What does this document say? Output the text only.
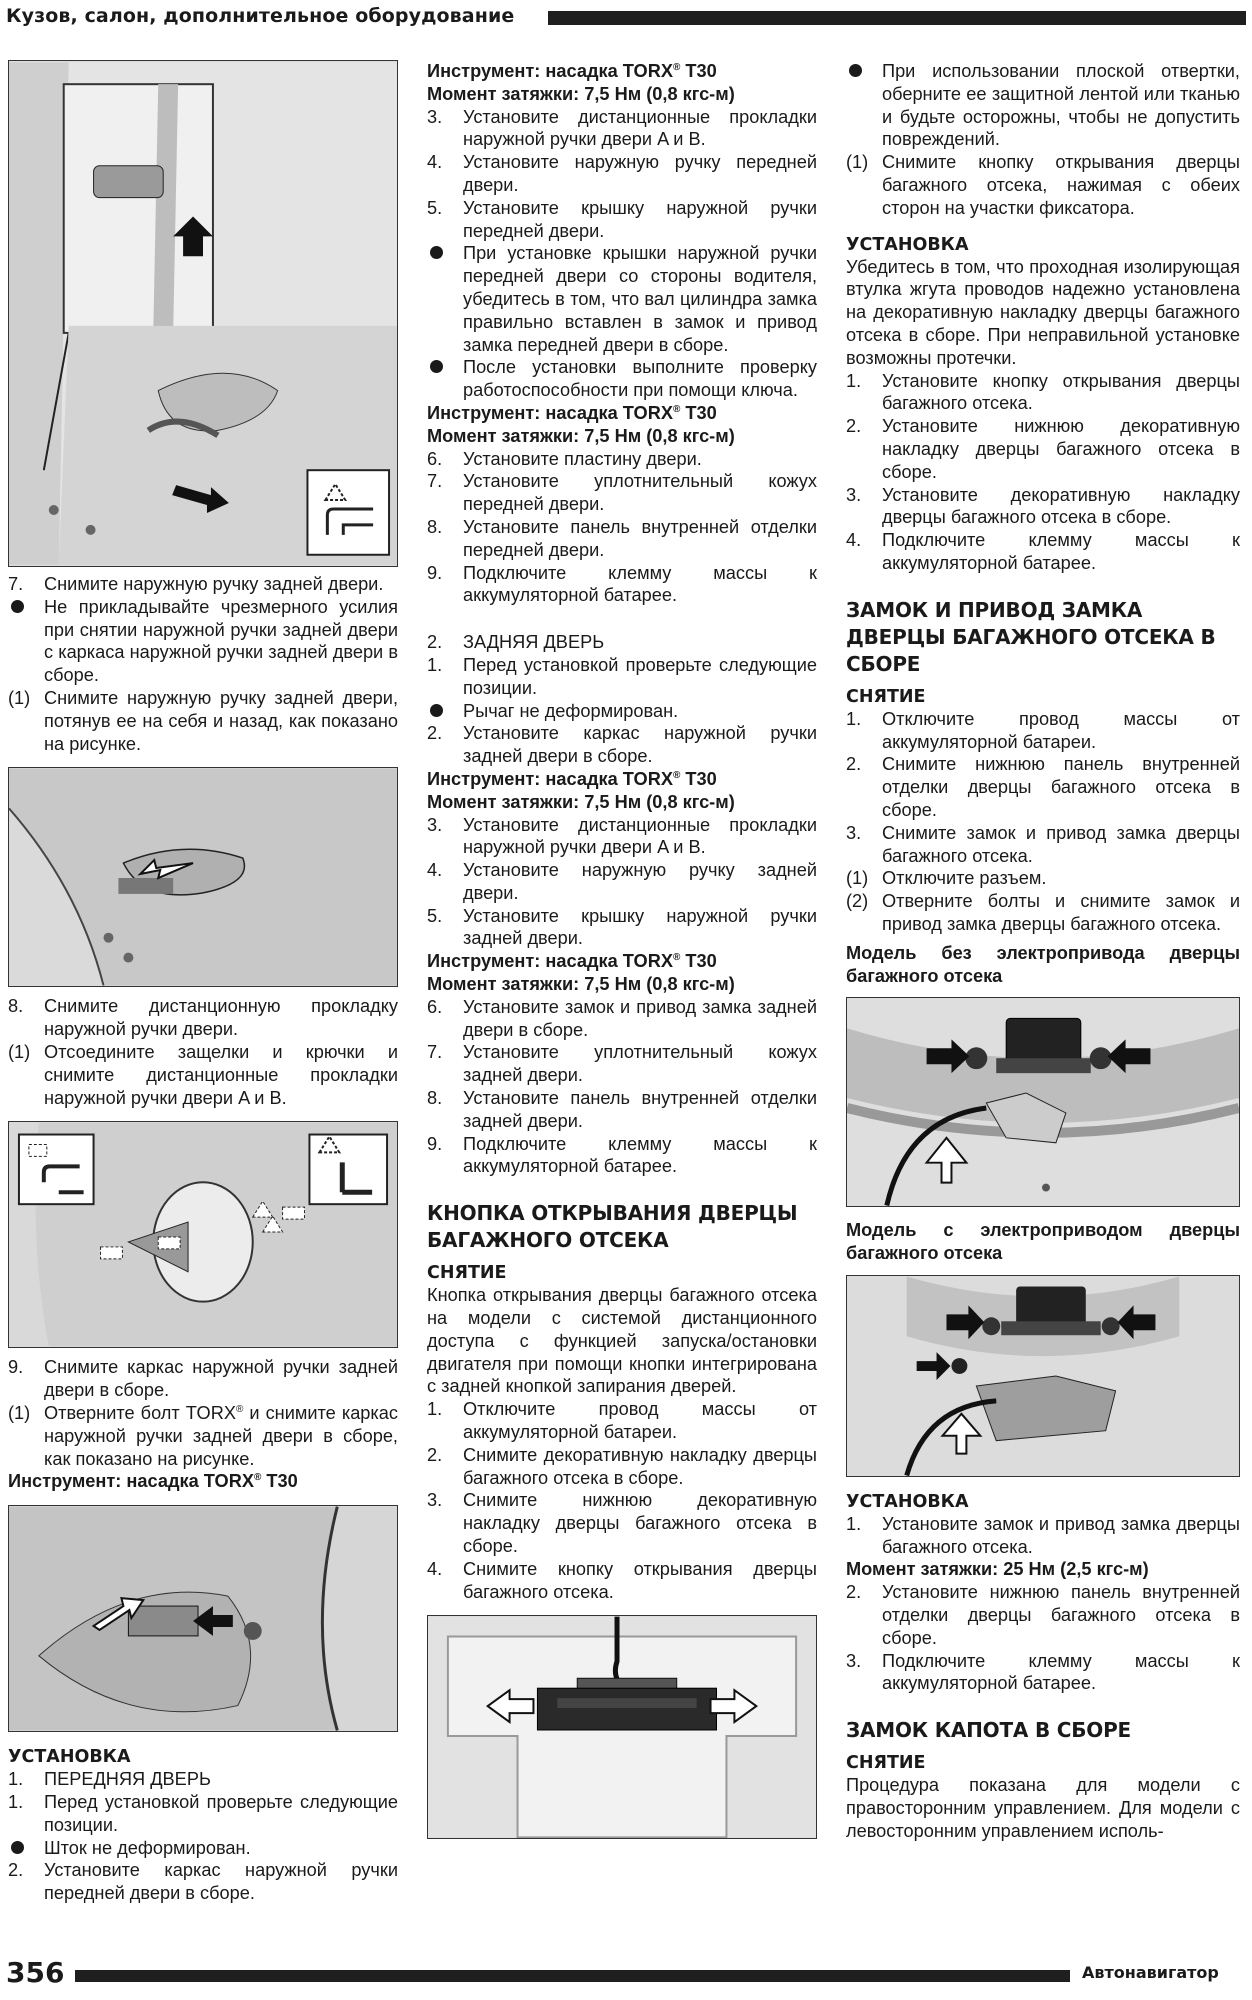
Кузов, салон, дополнительное оборудование
7.	Снимите наружную ручку задней двери.
Не прикладывайте чрезмерного усилия при снятии наружной ручки задней двери с каркаса наружной ручки задней двери в сборе.
(1) Снимите наружную ручку задней двери, потянув ее на себя и назад, как показано на рисунке.
8.	Снимите дистанционную прокладку наружной ручки двери.
(1) Отсоедините защелки и крючки и снимите дистанционные прокладки наружной ручки двери A и B.
9.	Снимите каркас наружной ручки задней двери в сборе.
(1) Отверните болт TORX® и снимите каркас наружной ручки задней двери в сборе, как показано на рисунке.
Инструмент: насадка TORX® T30
УСТАНОВКА
1.	ПЕРЕДНЯЯ ДВЕРЬ
1.	Перед установкой проверьте следующие позиции.
Шток не деформирован.
2.	Установите каркас наружной ручки передней двери в сборе.
Инструмент: насадка TORX® T30
Момент затяжки: 7,5 Нм (0,8 кгс-м)
3.	Установите дистанционные прокладки наружной ручки двери A и B.
4.	Установите наружную ручку передней двери.
5.	Установите крышку наружной ручки передней двери.
При установке крышки наружной ручки передней двери со стороны водителя, убедитесь в том, что вал цилиндра замка правильно вставлен в замок и привод замка передней двери в сборе.
После установки выполните проверку работоспособности при помощи ключа.
Инструмент: насадка TORX® T30
Момент затяжки: 7,5 Нм (0,8 кгс-м)
6.	Установите пластину двери.
7.	Установите уплотнительный кожух передней двери.
8.	Установите панель внутренней отделки передней двери.
9.	Подключите клемму массы к аккумуляторной батарее.
2.	ЗАДНЯЯ ДВЕРЬ
1.	Перед установкой проверьте следующие позиции.
Рычаг не деформирован.
2.	Установите каркас наружной ручки задней двери в сборе.
Инструмент: насадка TORX® T30
Момент затяжки: 7,5 Нм (0,8 кгс-м)
3.	Установите дистанционные прокладки наружной ручки двери A и B.
4.	Установите наружную ручку задней двери.
5.	Установите крышку наружной ручки задней двери.
Инструмент: насадка TORX® T30
Момент затяжки: 7,5 Нм (0,8 кгс-м)
6.	Установите замок и привод замка задней двери в сборе.
7.	Установите уплотнительный кожух задней двери.
8.	Установите панель внутренней отделки задней двери.
9.	Подключите клемму массы к аккумуляторной батарее.
КНОПКА ОТКРЫВАНИЯ ДВЕРЦЫ БАГАЖНОГО ОТСЕКА
СНЯТИЕ
Кнопка открывания дверцы багажного отсека на модели с системой дистанционного доступа с функцией запуска/остановки двигателя при помощи кнопки интегрирована с задней кнопкой запирания дверей.
1.	Отключите провод массы от аккумуляторной батареи.
2.	Снимите декоративную накладку дверцы багажного отсека в сборе.
3.	Снимите нижнюю декоративную накладку дверцы багажного отсека в сборе.
4.	Снимите кнопку открывания дверцы багажного отсека.
При использовании плоской отвертки, оберните ее защитной лентой или тканью и будьте осторожны, чтобы не допустить повреждений.
(1) Снимите кнопку открывания дверцы багажного отсека, нажимая с обеих сторон на участки фиксатора.
УСТАНОВКА
Убедитесь в том, что проходная изолирующая втулка жгута проводов надежно установлена на декоративную накладку дверцы багажного отсека в сборе. При неправильной установке возможны протечки.
1.	Установите кнопку открывания дверцы багажного отсека.
2.	Установите нижнюю декоративную накладку дверцы багажного отсека в сборе.
3.	Установите декоративную накладку дверцы багажного отсека в сборе.
4.	Подключите клемму массы к аккумуляторной батарее.
ЗАМОК И ПРИВОД ЗАМКА ДВЕРЦЫ БАГАЖНОГО ОТСЕКА В СБОРЕ
СНЯТИЕ
1.	Отключите провод массы от аккумуляторной батареи.
2.	Снимите нижнюю панель внутренней отделки дверцы багажного отсека в сборе.
3.	Снимите замок и привод замка дверцы багажного отсека.
(1) Отключите разъем.
(2) Отверните болты и снимите замок и привод замка дверцы багажного отсека.
Модель без электропривода дверцы багажного отсека
Модель с электроприводом дверцы багажного отсека
УСТАНОВКА
1.	Установите замок и привод замка дверцы багажного отсека.
Момент затяжки: 25 Нм (2,5 кгс-м)
2.	Установите нижнюю панель внутренней отделки дверцы багажного отсека в сборе.
3.	Подключите клемму массы к аккумуляторной батарее.
ЗАМОК КАПОТА В СБОРЕ
СНЯТИЕ
Процедура показана для модели с правосторонним управлением. Для модели с левосторонним управлением исполь-
356	Автонавигатор
